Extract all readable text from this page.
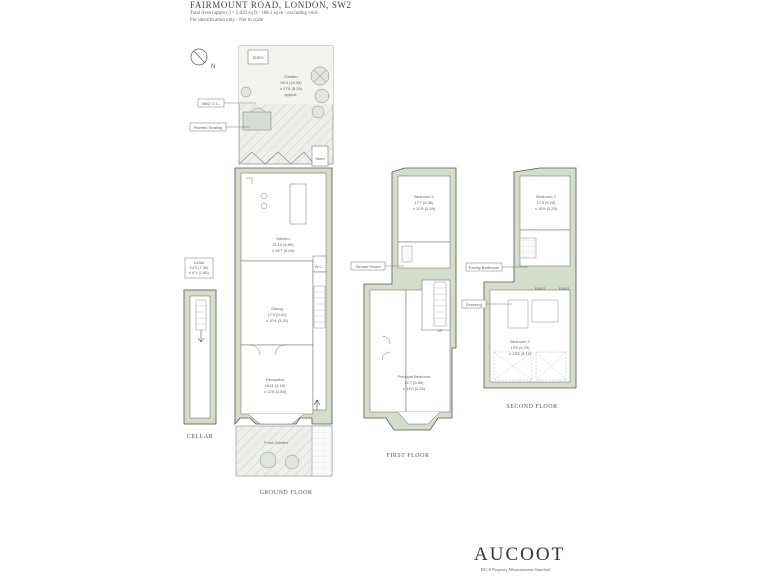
FAIRMOUNT ROAD, LONDON, SW2
Total Area (approx.) = 2,022 sq ft / 188.1 sq m - excluding void
For identification only - Not to scale
N
SHED
Garden
59'4 (18.09)
x 17'6 (5.33)
approx.
Store
Kitchen
21'10 (6.65)
x 16'7 (5.06)
W.C.
Dining
17'9 (5.41)
x 10'4 (3.15)
Reception
16'11 (5.16)
x 12'8 (3.86)
Front Garden
GROUND FLOOR
BBQ O.C.
Planted Seating
Cellar
24'3 (7.39)
x 6'1 (1.85)
CELLAR
Bedroom 4
17'7 (5.36)
x 10'9 (3.28)
Principal Bedroom
21'7 (6.58)
x 14'0 (4.26)
UP
FIRST FLOOR
Shower Room
Bedroom 3
17'3 (5.26)
x 10'9 (3.28)
Bedroom 2
19'0 (5.79)
x 13'6 (4.11)
EAVES	EAVES
SECOND FLOOR
Family Bathroom
Dressing
AUCOOT
RICS Property Measurement Standard
